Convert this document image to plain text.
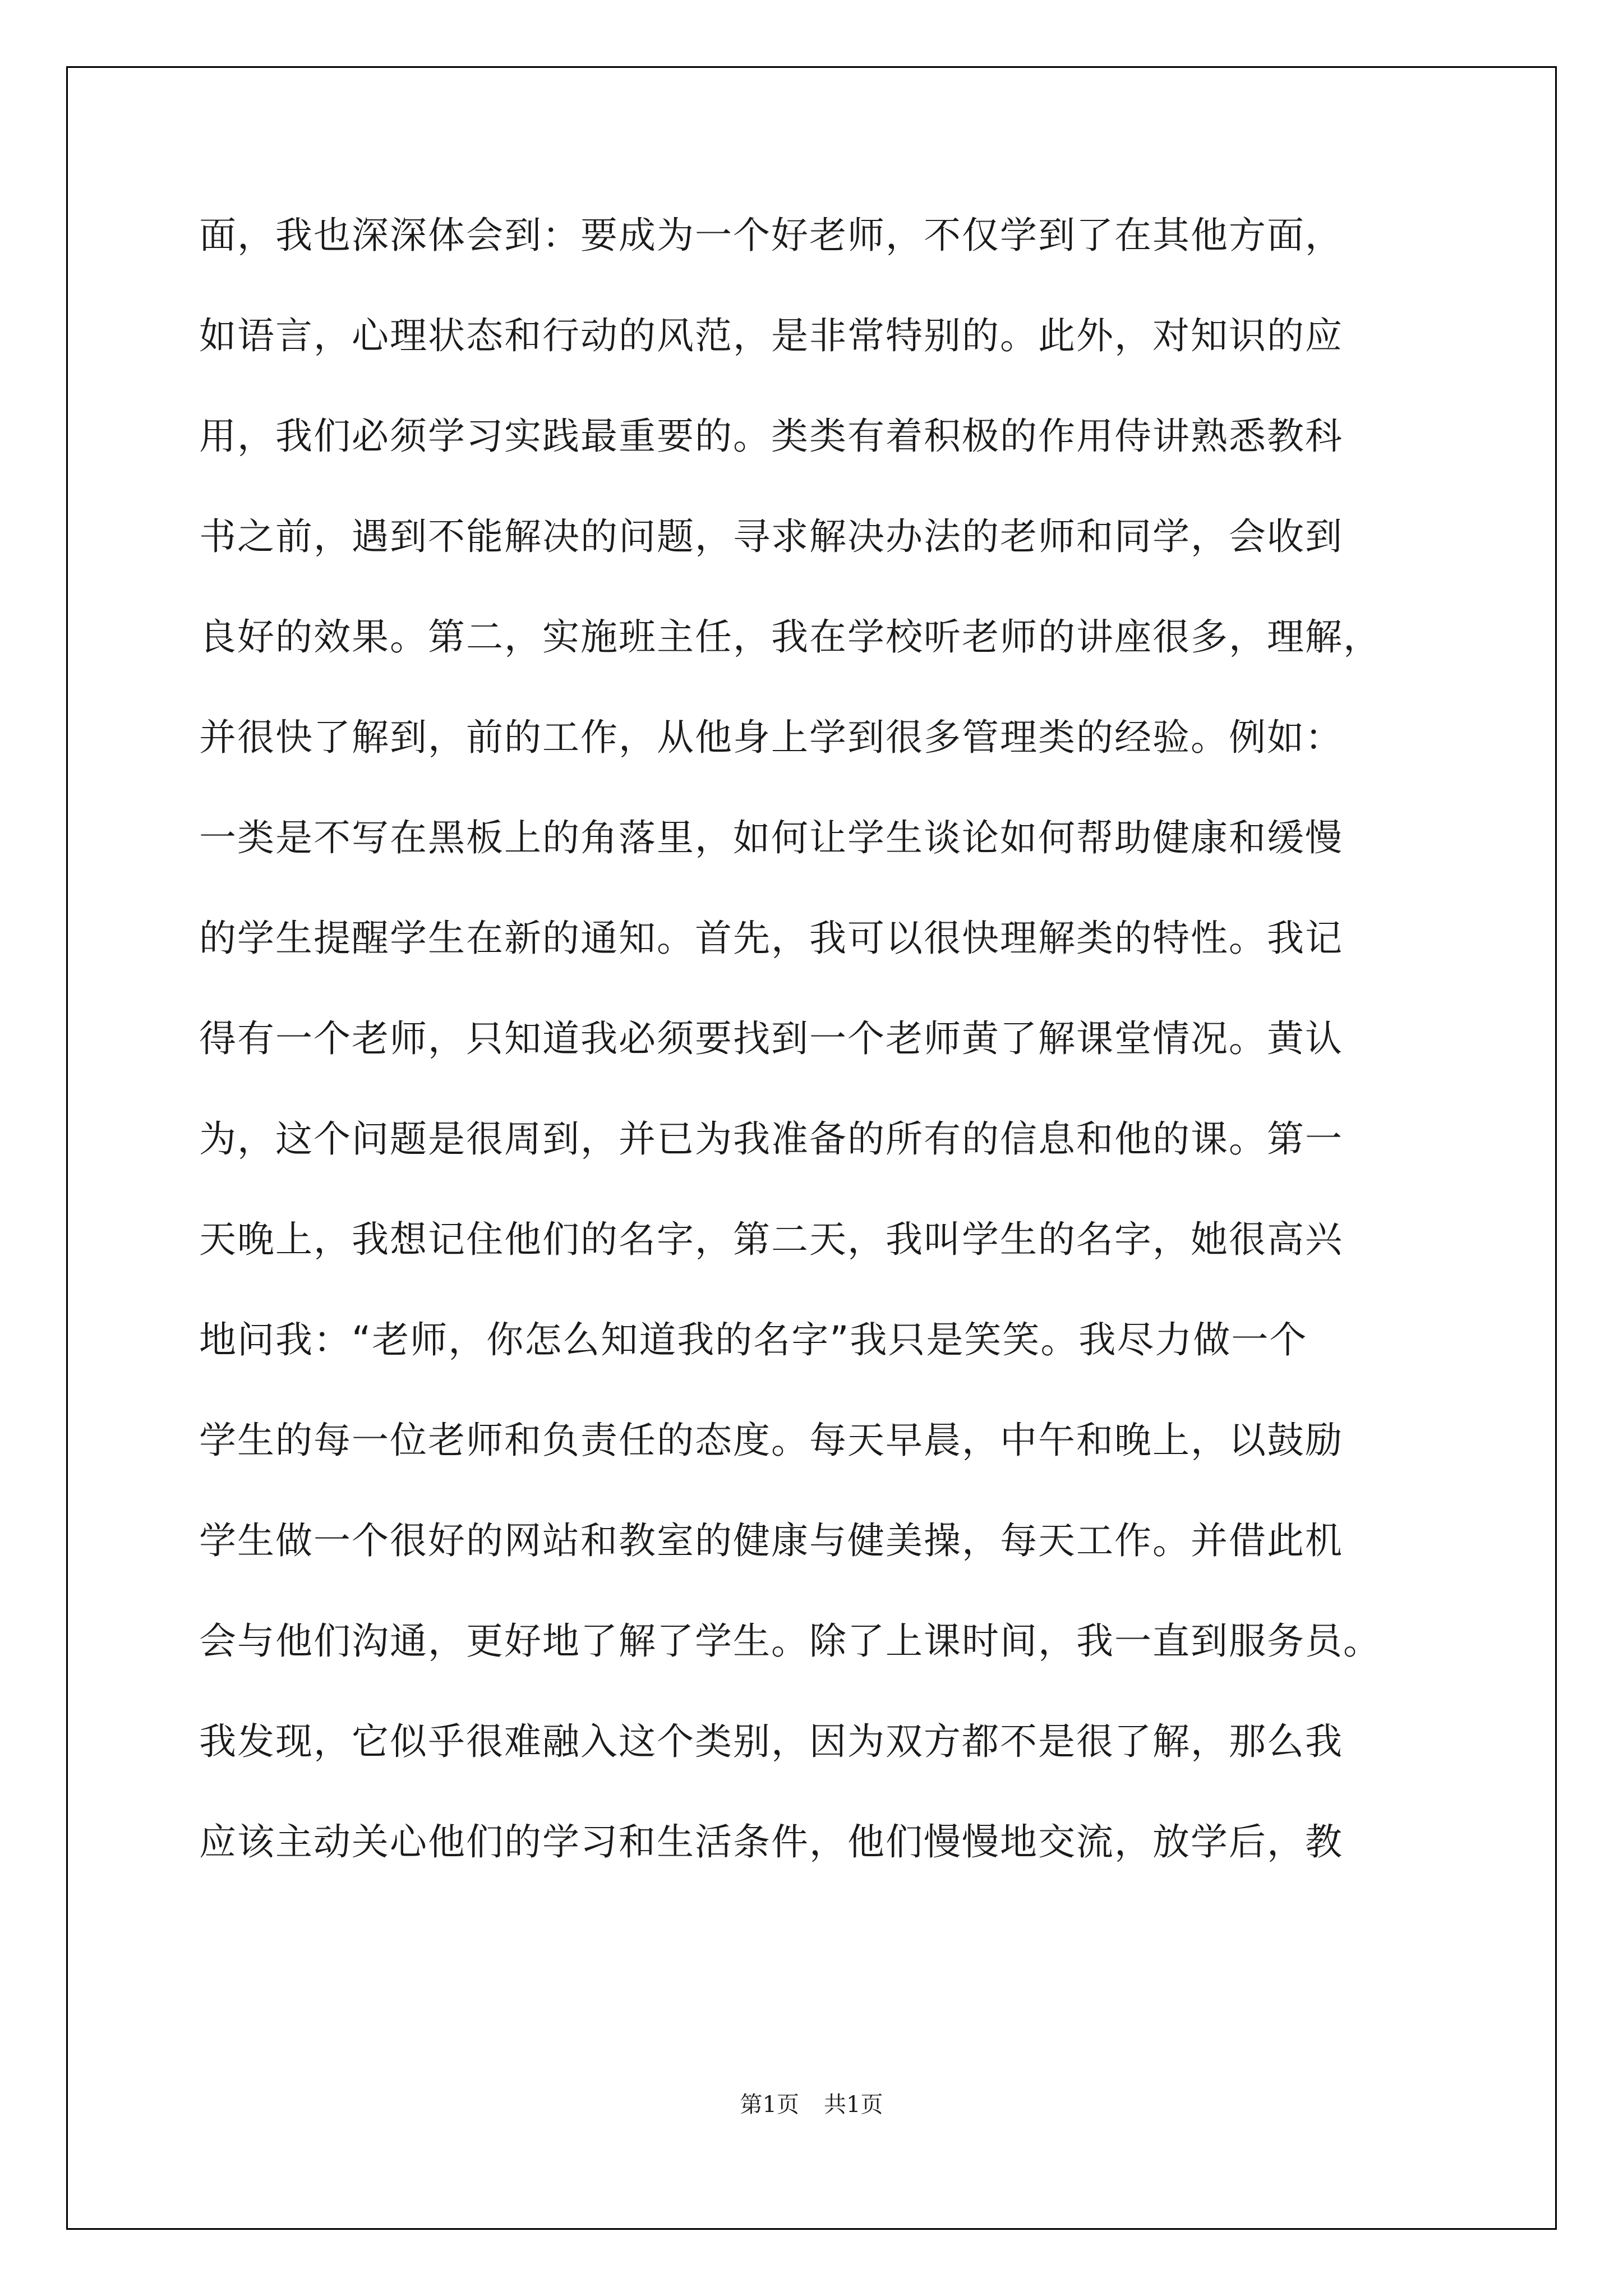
面，我也深深体会到：要成为一个好老师，不仅学到了在其他方面，
如语言，心理状态和行动的风范，是非常特别的。此外，对知识的应
用，我们必须学习实践最重要的。类类有着积极的作用侍讲熟悉教科
书之前，遇到不能解决的问题，寻求解决办法的老师和同学，会收到
良好的效果。第二，实施班主任，我在学校听老师的讲座很多，理解，
并很快了解到，前的工作，从他身上学到很多管理类的经验。例如：
一类是不写在黑板上的角落里，如何让学生谈论如何帮助健康和缓慢
的学生提醒学生在新的通知。首先，我可以很快理解类的特性。我记
得有一个老师，只知道我必须要找到一个老师黄了解课堂情况。黄认
为，这个问题是很周到，并已为我准备的所有的信息和他的课。第一
天晚上，我想记住他们的名字，第二天，我叫学生的名字，她很高兴
地问我：“老师，你怎么知道我的名字”我只是笑笑。我尽力做一个
学生的每一位老师和负责任的态度。每天早晨，中午和晚上，以鼓励
学生做一个很好的网站和教室的健康与健美操，每天工作。并借此机
会与他们沟通，更好地了解了学生。除了上课时间，我一直到服务员。
我发现，它似乎很难融入这个类别，因为双方都不是很了解，那么我
应该主动关心他们的学习和生活条件，他们慢慢地交流，放学后，教
第1页 共1页
